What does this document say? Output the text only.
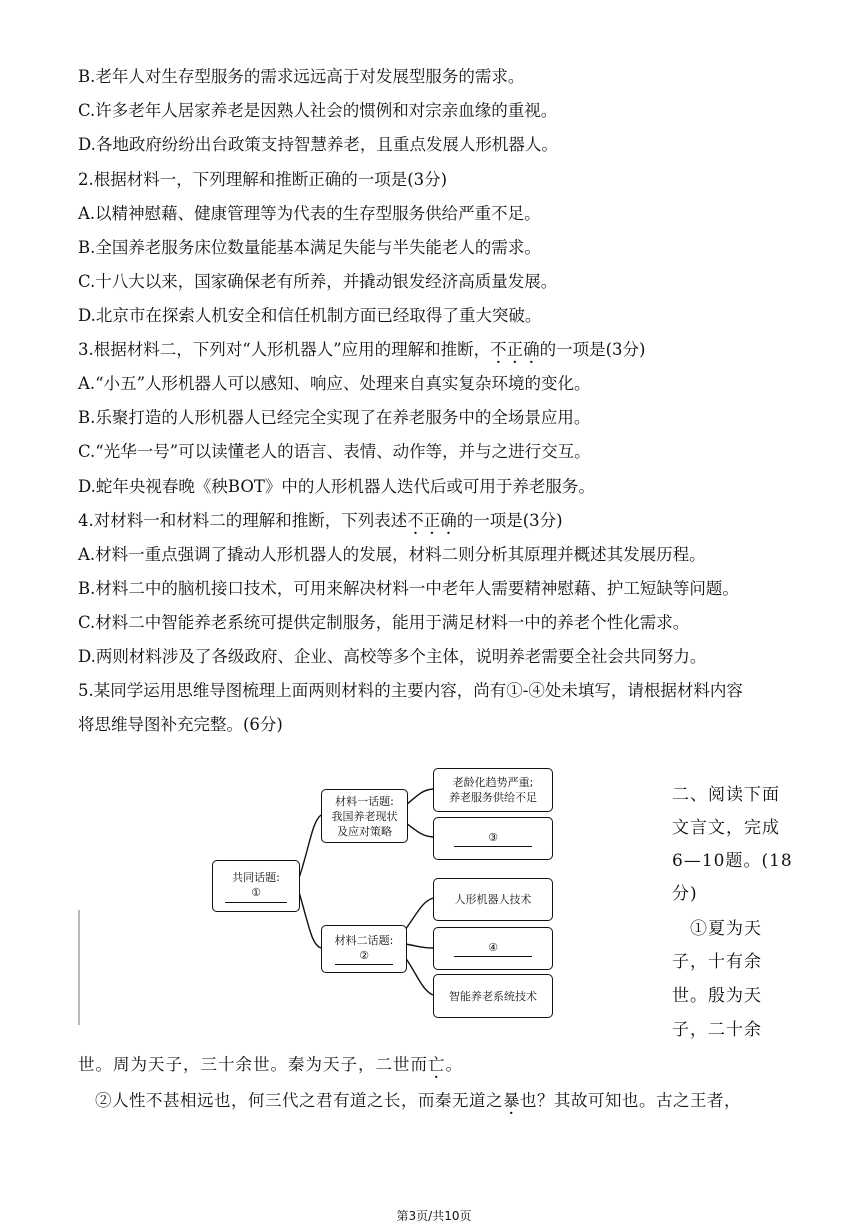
B.老年人对生存型服务的需求远远高于对发展型服务的需求。
C.许多老年人居家养老是因熟人社会的惯例和对宗亲血缘的重视。
D.各地政府纷纷出台政策支持智慧养老，且重点发展人形机器人。
2.根据材料一，下列理解和推断正确的一项是(3分)
A.以精神慰藉、健康管理等为代表的生存型服务供给严重不足。
B.全国养老服务床位数量能基本满足失能与半失能老人的需求。
C.十八大以来，国家确保老有所养，并撬动银发经济高质量发展。
D.北京市在探索人机安全和信任机制方面已经取得了重大突破。
3.根据材料二，下列对“人形机器人”应用的理解和推断，不正确的一项是(3分)
A.“小五”人形机器人可以感知、响应、处理来自真实复杂环境的变化。
B.乐聚打造的人形机器人已经完全实现了在养老服务中的全场景应用。
C.“光华一号”可以读懂老人的语言、表情、动作等，并与之进行交互。
D.蛇年央视春晚《秧BOT》中的人形机器人迭代后或可用于养老服务。
4.对材料一和材料二的理解和推断，下列表述不正确的一项是(3分)
A.材料一重点强调了撬动人形机器人的发展，材料二则分析其原理并概述其发展历程。
B.材料二中的脑机接口技术，可用来解决材料一中老年人需要精神慰藉、护工短缺等问题。
C.材料二中智能养老系统可提供定制服务，能用于满足材料一中的养老个性化需求。
D.两则材料涉及了各级政府、企业、高校等多个主体，说明养老需要全社会共同努力。
5.某同学运用思维导图梳理上面两则材料的主要内容，尚有①-④处未填写，请根据材料内容
将思维导图补充完整。(6分)
共同话题:
①
材料一话题:
我国养老现状
及应对策略
材料二话题:
②
老龄化趋势严重;
养老服务供给不足
③
人形机器人技术
④
智能养老系统技术
二、阅读下面
文言文，完成
6—10题。(18
分)
　①夏为天
子，十有余
世。殷为天
子，二十余
世。周为天子，三十余世。秦为天子，二世而亡。
　②人性不甚相远也，何三代之君有道之长，而秦无道之暴也？其故可知也。古之王者，
第3页/共10页
